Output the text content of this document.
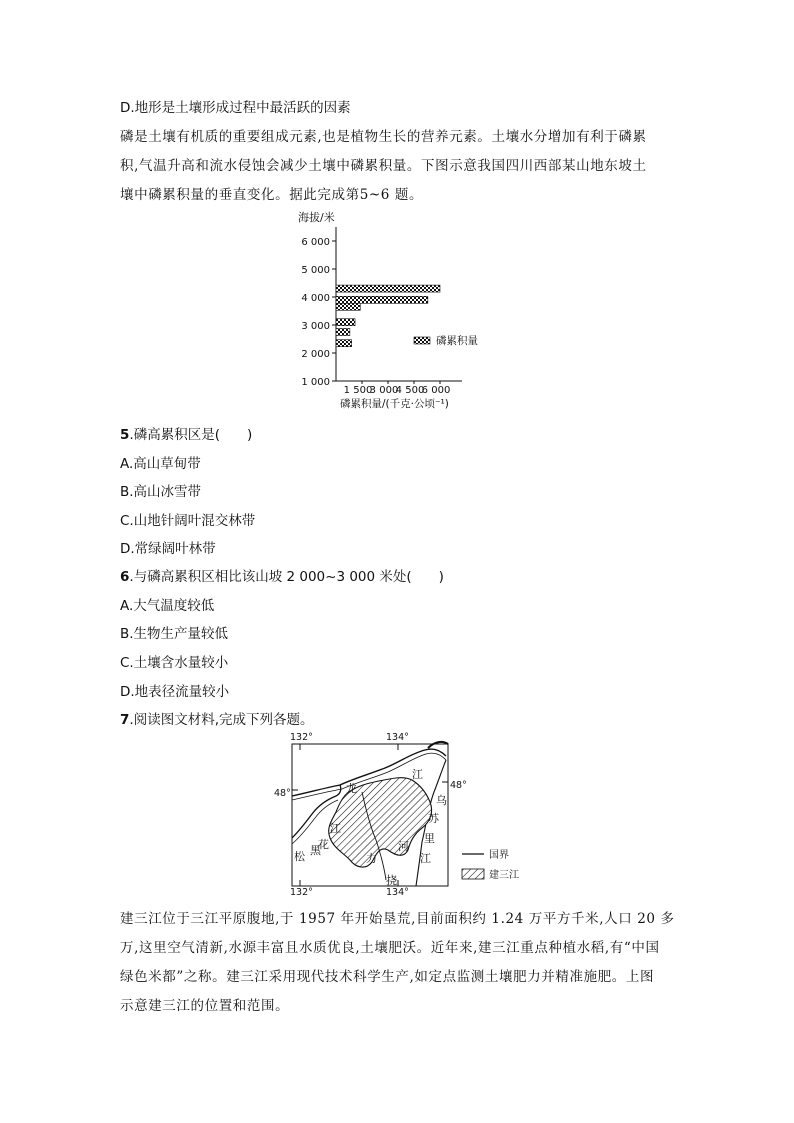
D.地形是土壤形成过程中最活跃的因素
磷是土壤有机质的重要组成元素,也是植物生长的营养元素。土壤水分增加有利于磷累
积,气温升高和流水侵蚀会减少土壤中磷累积量。下图示意我国四川西部某山地东坡土
壤中磷累积量的垂直变化。据此完成第5~6 题。
海拔/米
6 000
5 000
4 000
3 000
2 000
1 000
1 500
3 000
4 500
6 000
磷累积量
磷累积量/(千克·公顷⁻¹)
5.磷高累积区是(　　)
A.高山草甸带
B.高山冰雪带
C.山地针阔叶混交林带
D.常绿阔叶林带
6.与磷高累积区相比该山坡 2 000~3 000 米处(　　)
A.大气温度较低
B.生物生产量较低
C.土壤含水量较小
D.地表径流量较小
7.阅读图文材料,完成下列各题。
132°	134°
132°	134°
48°
48°
黑
龙
江
松
花
江
乌
苏
里
江
挠
力
河
国界
建三江
建三江位于三江平原腹地,于 1957 年开始垦荒,目前面积约 1.24 万平方千米,人口 20 多
万,这里空气清新,水源丰富且水质优良,土壤肥沃。近年来,建三江重点种植水稻,有“中国
绿色米都”之称。建三江采用现代技术科学生产,如定点监测土壤肥力并精准施肥。上图
示意建三江的位置和范围。
